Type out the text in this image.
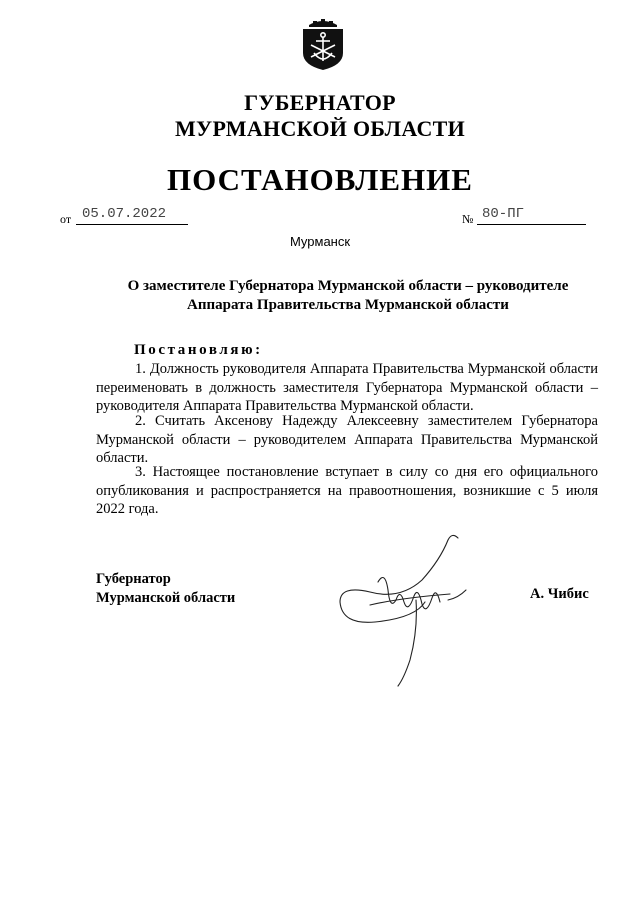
ГУБЕРНАТОР
МУРМАНСКОЙ ОБЛАСТИ
ПОСТАНОВЛЕНИЕ
от 05.07.2022	№ 80-ПГ
Мурманск
О заместителе Губернатора Мурманской области – руководителе Аппарата Правительства Мурманской области
Постановляю:
1. Должность руководителя Аппарата Правительства Мурманской области переименовать в должность заместителя Губернатора Мурманской области – руководителя Аппарата Правительства Мурманской области.
2. Считать Аксенову Надежду Алексеевну заместителем Губернатора Мурманской области – руководителем Аппарата Правительства Мурманской области.
3. Настоящее постановление вступает в силу со дня его официального опубликования и распространяется на правоотношения, возникшие с 5 июля 2022 года.
Губернатор
Мурманской области	А. Чибис
